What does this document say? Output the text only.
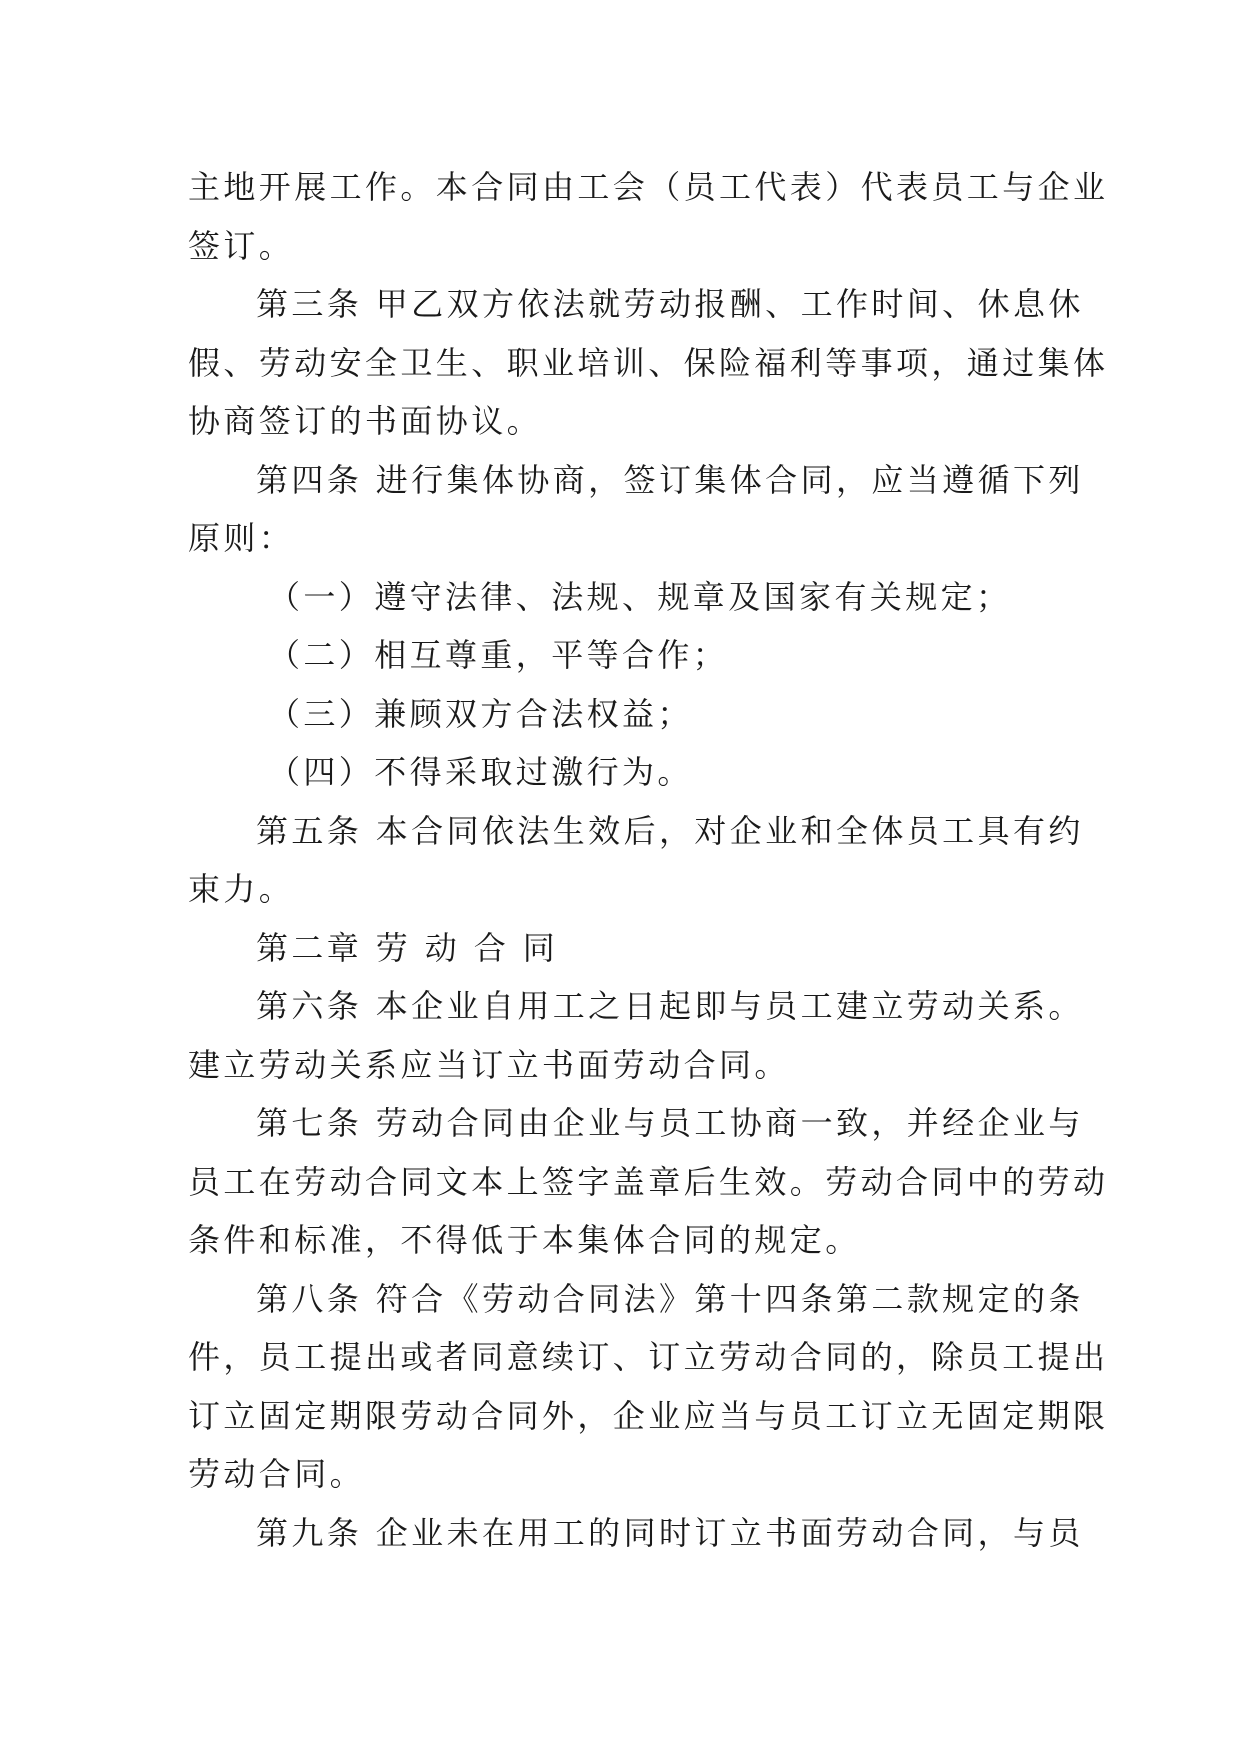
主地开展工作。本合同由工会（员工代表）代表员工与企业
签订。
第三条 甲乙双方依法就劳动报酬、工作时间、休息休
假、劳动安全卫生、职业培训、保险福利等事项，通过集体
协商签订的书面协议。
第四条 进行集体协商，签订集体合同，应当遵循下列
原则：
（一）遵守法律、法规、规章及国家有关规定；
（二）相互尊重，平等合作；
（三）兼顾双方合法权益；
（四）不得采取过激行为。
第五条 本合同依法生效后，对企业和全体员工具有约
束力。
第二章 劳 动 合 同
第六条 本企业自用工之日起即与员工建立劳动关系。
建立劳动关系应当订立书面劳动合同。
第七条 劳动合同由企业与员工协商一致，并经企业与
员工在劳动合同文本上签字盖章后生效。劳动合同中的劳动
条件和标准，不得低于本集体合同的规定。
第八条 符合《劳动合同法》第十四条第二款规定的条
件，员工提出或者同意续订、订立劳动合同的，除员工提出
订立固定期限劳动合同外，企业应当与员工订立无固定期限
劳动合同。
第九条 企业未在用工的同时订立书面劳动合同，与员
